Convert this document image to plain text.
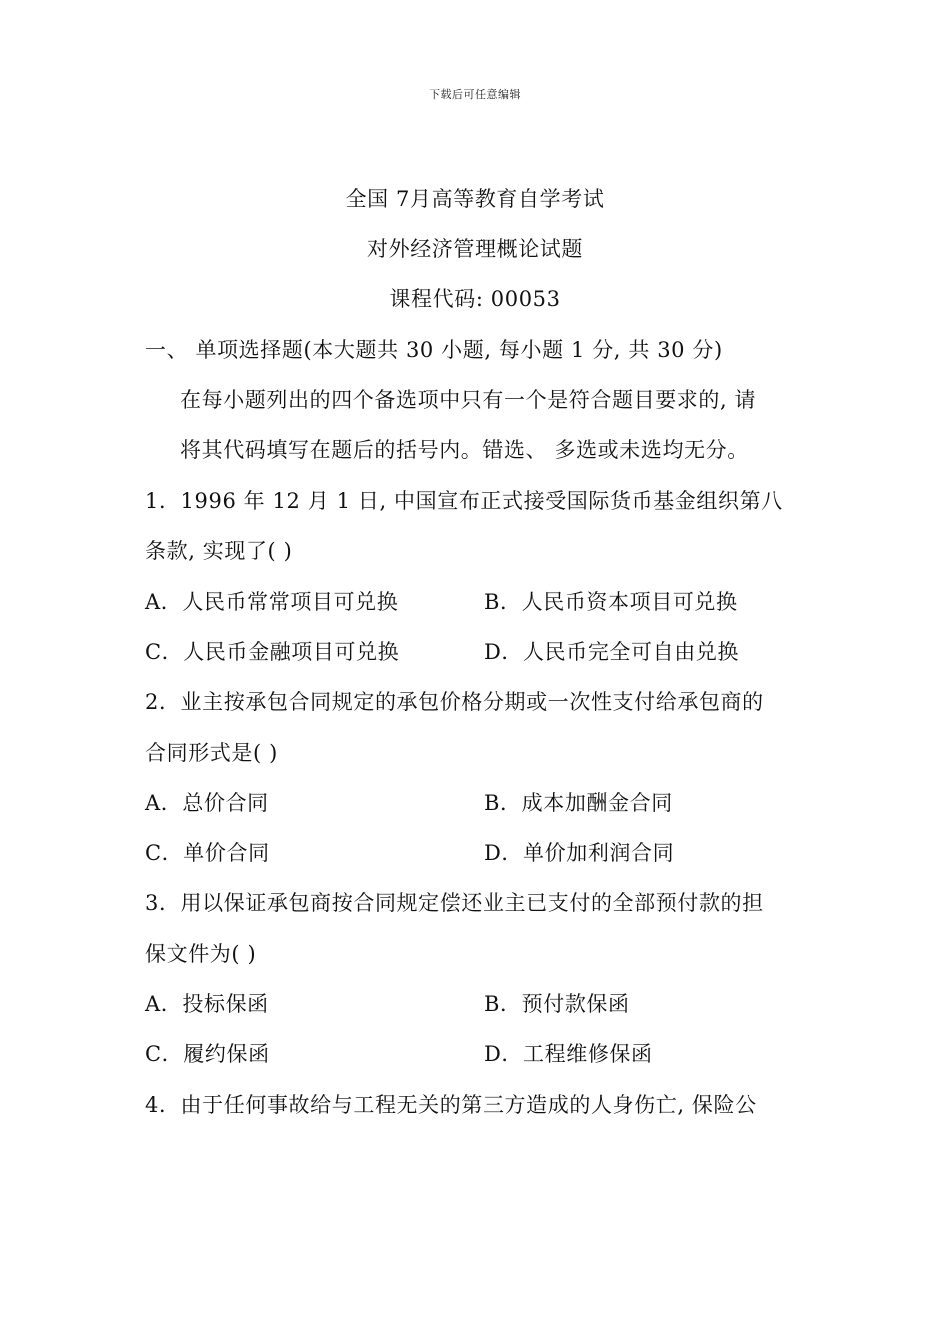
下载后可任意编辑
全国 7月高等教育自学考试
对外经济管理概论试题
课程代码: 00053
一、 单项选择题(本大题共 30 小题, 每小题 1 分, 共 30 分)
在每小题列出的四个备选项中只有一个是符合题目要求的, 请
将其代码填写在题后的括号内。错选、 多选或未选均无分。
1．1996 年 12 月 1 日, 中国宣布正式接受国际货币基金组织第八
条款, 实现了( )
A．人民币常常项目可兑换	B．人民币资本项目可兑换
C．人民币金融项目可兑换	D．人民币完全可自由兑换
2．业主按承包合同规定的承包价格分期或一次性支付给承包商的
合同形式是( )
A．总价合同	B．成本加酬金合同
C．单价合同	D．单价加利润合同
3．用以保证承包商按合同规定偿还业主已支付的全部预付款的担
保文件为( )
A．投标保函	B．预付款保函
C．履约保函	D．工程维修保函
4．由于任何事故给与工程无关的第三方造成的人身伤亡, 保险公
